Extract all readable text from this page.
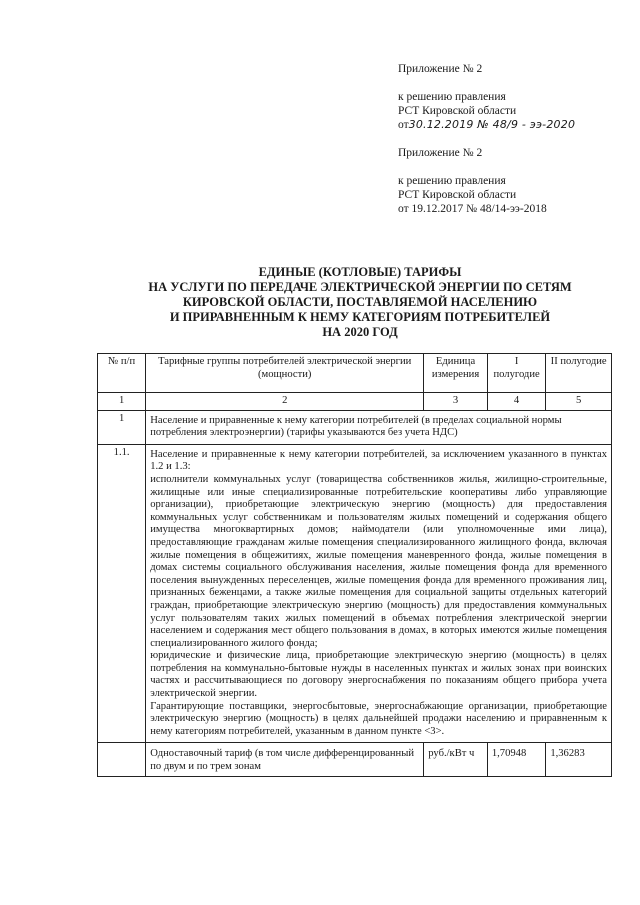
Приложение № 2
к решению правления
РСТ Кировской области
от30.12.2019 № 48/9 - ээ-2020
Приложение № 2
к решению правления
РСТ Кировской области
от 19.12.2017 № 48/14-ээ-2018
ЕДИНЫЕ (КОТЛОВЫЕ) ТАРИФЫ
НА УСЛУГИ ПО ПЕРЕДАЧЕ ЭЛЕКТРИЧЕСКОЙ ЭНЕРГИИ ПО СЕТЯМ
КИРОВСКОЙ ОБЛАСТИ, ПОСТАВЛЯЕМОЙ НАСЕЛЕНИЮ
И ПРИРАВНЕННЫМ К НЕМУ КАТЕГОРИЯМ ПОТРЕБИТЕЛЕЙ
НА 2020 ГОД
№ п/п	Тарифные группы потребителей электрической энергии (мощности)	Единица измерения	I полугодие	II полугодие
1	2	3	4	5
1	Население и приравненные к нему категории потребителей (в пределах социальной нормы потребления электроэнергии) (тарифы указываются без учета НДС)			
1.1.	Население и приравненные к нему категории потребителей, за исключением указанного в пунктах 1.2 и 1.3:
исполнители коммунальных услуг (товарищества собственников жилья, жилищно-строительные, жилищные или иные специализированные потребительские кооперативы либо управляющие организации), приобретающие электрическую энергию (мощность) для предоставления коммунальных услуг собственникам и пользователям жилых помещений и содержания общего имущества многоквартирных домов; наймодатели (или уполномоченные ими лица), предоставляющие гражданам жилые помещения специализированного жилищного фонда, включая жилые помещения в общежитиях, жилые помещения маневренного фонда, жилые помещения в домах системы социального обслуживания населения, жилые помещения фонда для временного поселения вынужденных переселенцев, жилые помещения фонда для временного проживания лиц, признанных беженцами, а также жилые помещения для социальной защиты отдельных категорий граждан, приобретающие электрическую энергию (мощность) для предоставления коммунальных услуг пользователям таких жилых помещений в объемах потребления электрической энергии населением и содержания мест общего пользования в домах, в которых имеются жилые помещения специализированного жилого фонда;
юридические и физические лица, приобретающие электрическую энергию (мощность) в целях потребления на коммунально-бытовые нужды в населенных пунктах и жилых зонах при воинских частях и рассчитывающиеся по договору энергоснабжения по показаниям общего прибора учета электрической энергии.
Гарантирующие поставщики, энергосбытовые, энергоснабжающие организации, приобретающие электрическую энергию (мощность) в целях дальнейшей продажи населению и приравненным к нему категориям потребителей, указанным в данном пункте <3>.			

	Одноставочный тариф (в том числе дифференцированный по двум и по трем зонам	руб./кВт ч	1,70948	1,36283
